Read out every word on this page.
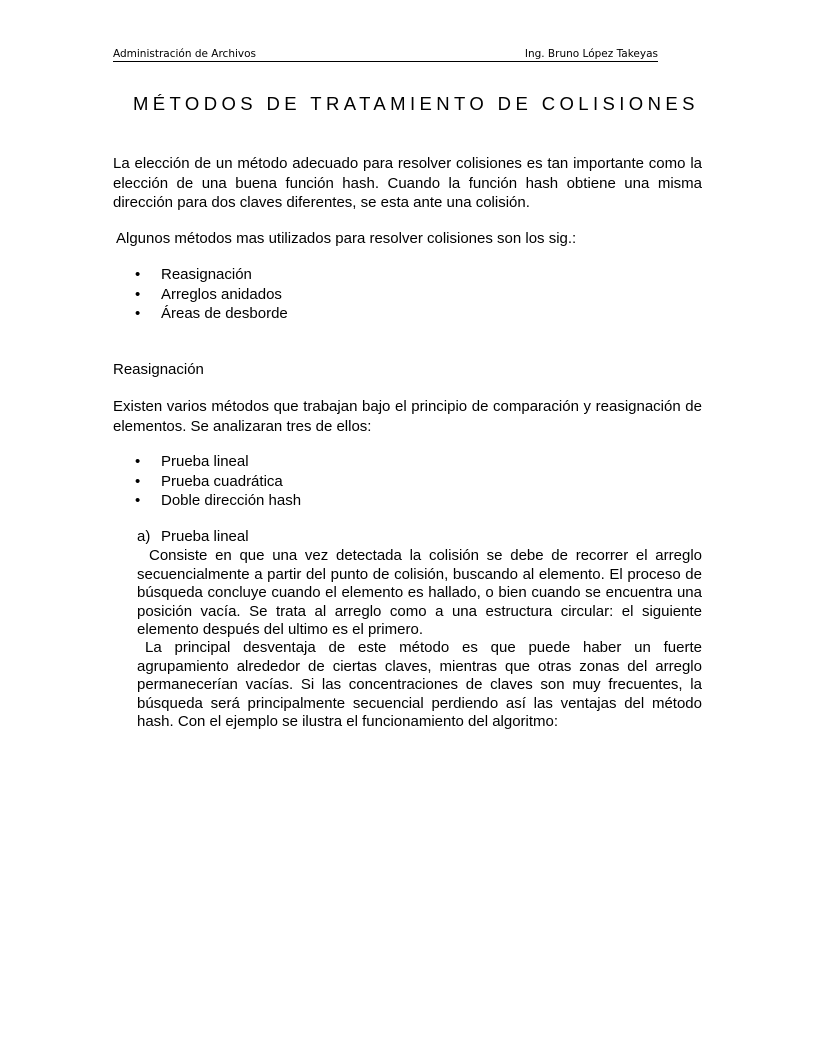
Administración de Archivos	Ing. Bruno López Takeyas
MÉTODOS DE TRATAMIENTO DE COLISIONES
La elección de un método adecuado para resolver colisiones es tan importante como la elección de una buena función hash. Cuando la función hash obtiene una misma dirección para dos claves diferentes, se esta ante una colisión.
Algunos métodos mas utilizados para resolver colisiones son los sig.:
• Reasignación
• Arreglos anidados
• Áreas de desborde
Reasignación
Existen varios métodos que trabajan bajo el principio de comparación y reasignación de elementos. Se analizaran tres de ellos:
• Prueba lineal
• Prueba cuadrática
• Doble dirección hash
a) Prueba lineal
Consiste en que una vez detectada la colisión se debe de recorrer el arreglo secuencialmente a partir del punto de colisión, buscando al elemento. El proceso de búsqueda concluye cuando el elemento es hallado, o bien cuando se encuentra una posición vacía. Se trata al arreglo como a una estructura circular: el siguiente elemento después del ultimo es el primero.
La principal desventaja de este método es que puede haber un fuerte agrupamiento alrededor de ciertas claves, mientras que otras zonas del arreglo permanecerían vacías. Si las concentraciones de claves son muy frecuentes, la búsqueda será principalmente secuencial perdiendo así las ventajas del método hash. Con el ejemplo se ilustra el funcionamiento del algoritmo:
